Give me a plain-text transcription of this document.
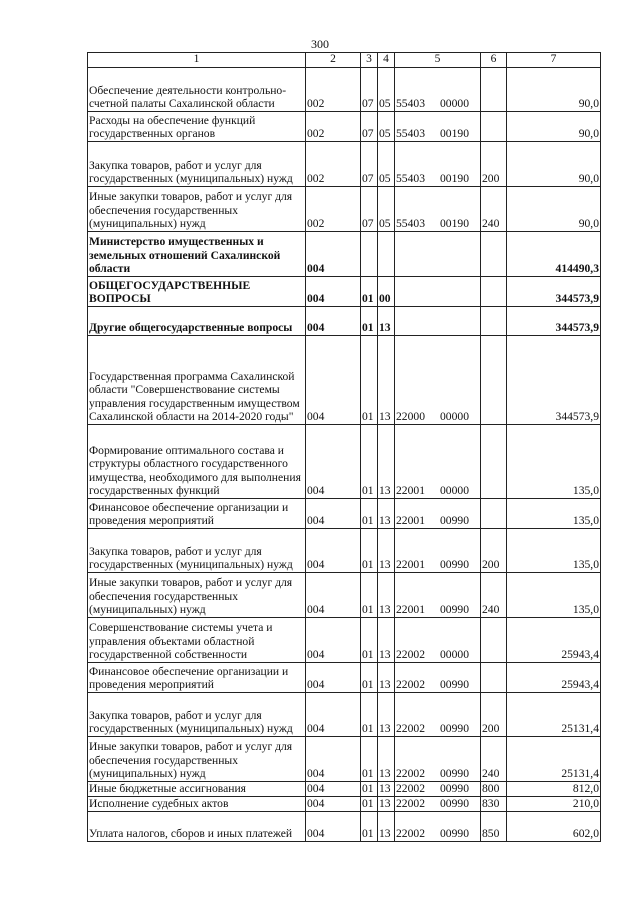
300
1	2	3	4	5	6	7
Обеспечение деятельности контрольно-счетной палаты Сахалинской области	002	07	05	55403 00000		90,0
Расходы на обеспечение функций государственных органов	002	07	05	55403 00190		90,0
Закупка товаров, работ и услуг для государственных (муниципальных) нужд	002	07	05	55403 00190	200	90,0
Иные закупки товаров, работ и услуг для обеспечения государственных (муниципальных) нужд	002	07	05	55403 00190	240	90,0
Министерство имущественных и земельных отношений Сахалинской области	004					414490,3
ОБЩЕГОСУДАРСТВЕННЫЕ ВОПРОСЫ	004	01	00			344573,9
Другие общегосударственные вопросы	004	01	13			344573,9
Государственная программа Сахалинской области "Совершенствование системы управления государственным имуществом Сахалинской области на 2014-2020 годы"	004	01	13	22000 00000		344573,9
Формирование оптимального состава и структуры областного государственного имущества, необходимого для выполнения государственных функций	004	01	13	22001 00000		135,0
Финансовое обеспечение организации и проведения мероприятий	004	01	13	22001 00990		135,0
Закупка товаров, работ и услуг для государственных (муниципальных) нужд	004	01	13	22001 00990	200	135,0
Иные закупки товаров, работ и услуг для обеспечения государственных (муниципальных) нужд	004	01	13	22001 00990	240	135,0
Совершенствование системы учета и управления объектами областной государственной собственности	004	01	13	22002 00000		25943,4
Финансовое обеспечение организации и проведения мероприятий	004	01	13	22002 00990		25943,4
Закупка товаров, работ и услуг для государственных (муниципальных) нужд	004	01	13	22002 00990	200	25131,4
Иные закупки товаров, работ и услуг для обеспечения государственных (муниципальных) нужд	004	01	13	22002 00990	240	25131,4
Иные бюджетные ассигнования	004	01	13	22002 00990	800	812,0
Исполнение судебных актов	004	01	13	22002 00990	830	210,0
Уплата налогов, сборов и иных платежей	004	01	13	22002 00990	850	602,0
